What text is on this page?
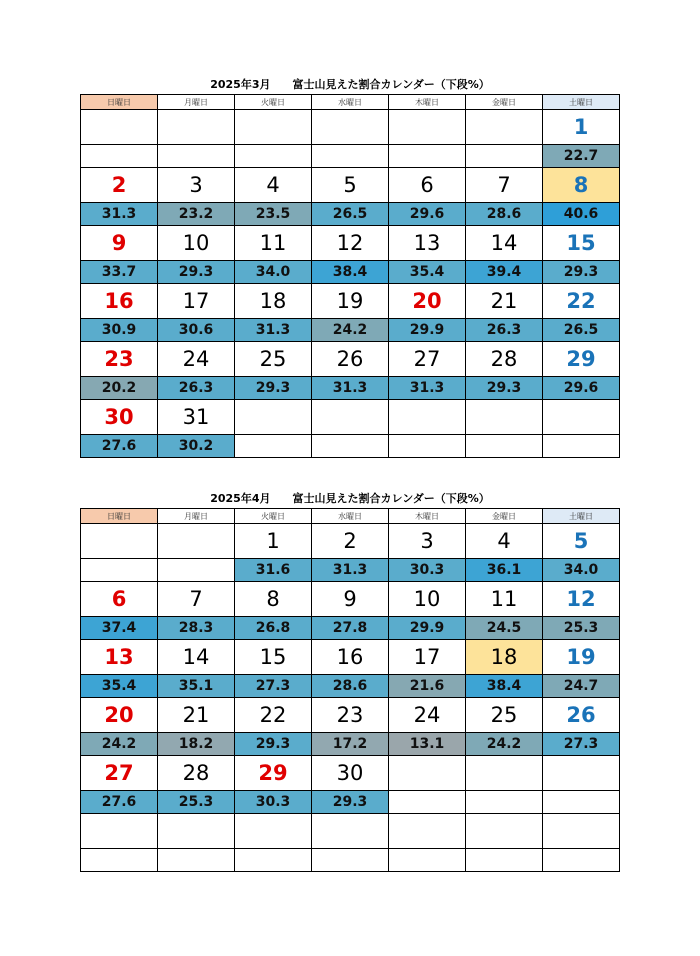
2025年3月　　富士山見えた割合カレンダー（下段%）
日曜日	月曜日	火曜日	水曜日	木曜日	金曜日	土曜日
						1
						22.7
2	3	4	5	6	7	8
31.3	23.2	23.5	26.5	29.6	28.6	40.6
9	10	11	12	13	14	15
33.7	29.3	34.0	38.4	35.4	39.4	29.3
16	17	18	19	20	21	22
30.9	30.6	31.3	24.2	29.9	26.3	26.5
23	24	25	26	27	28	29
20.2	26.3	29.3	31.3	31.3	29.3	29.6
30	31					
27.6	30.2					
2025年4月　　富士山見えた割合カレンダー（下段%）
日曜日	月曜日	火曜日	水曜日	木曜日	金曜日	土曜日
		1	2	3	4	5
		31.6	31.3	30.3	36.1	34.0
6	7	8	9	10	11	12
37.4	28.3	26.8	27.8	29.9	24.5	25.3
13	14	15	16	17	18	19
35.4	35.1	27.3	28.6	21.6	38.4	24.7
20	21	22	23	24	25	26
24.2	18.2	29.3	17.2	13.1	24.2	27.3
27	28	29	30			
27.6	25.3	30.3	29.3			
